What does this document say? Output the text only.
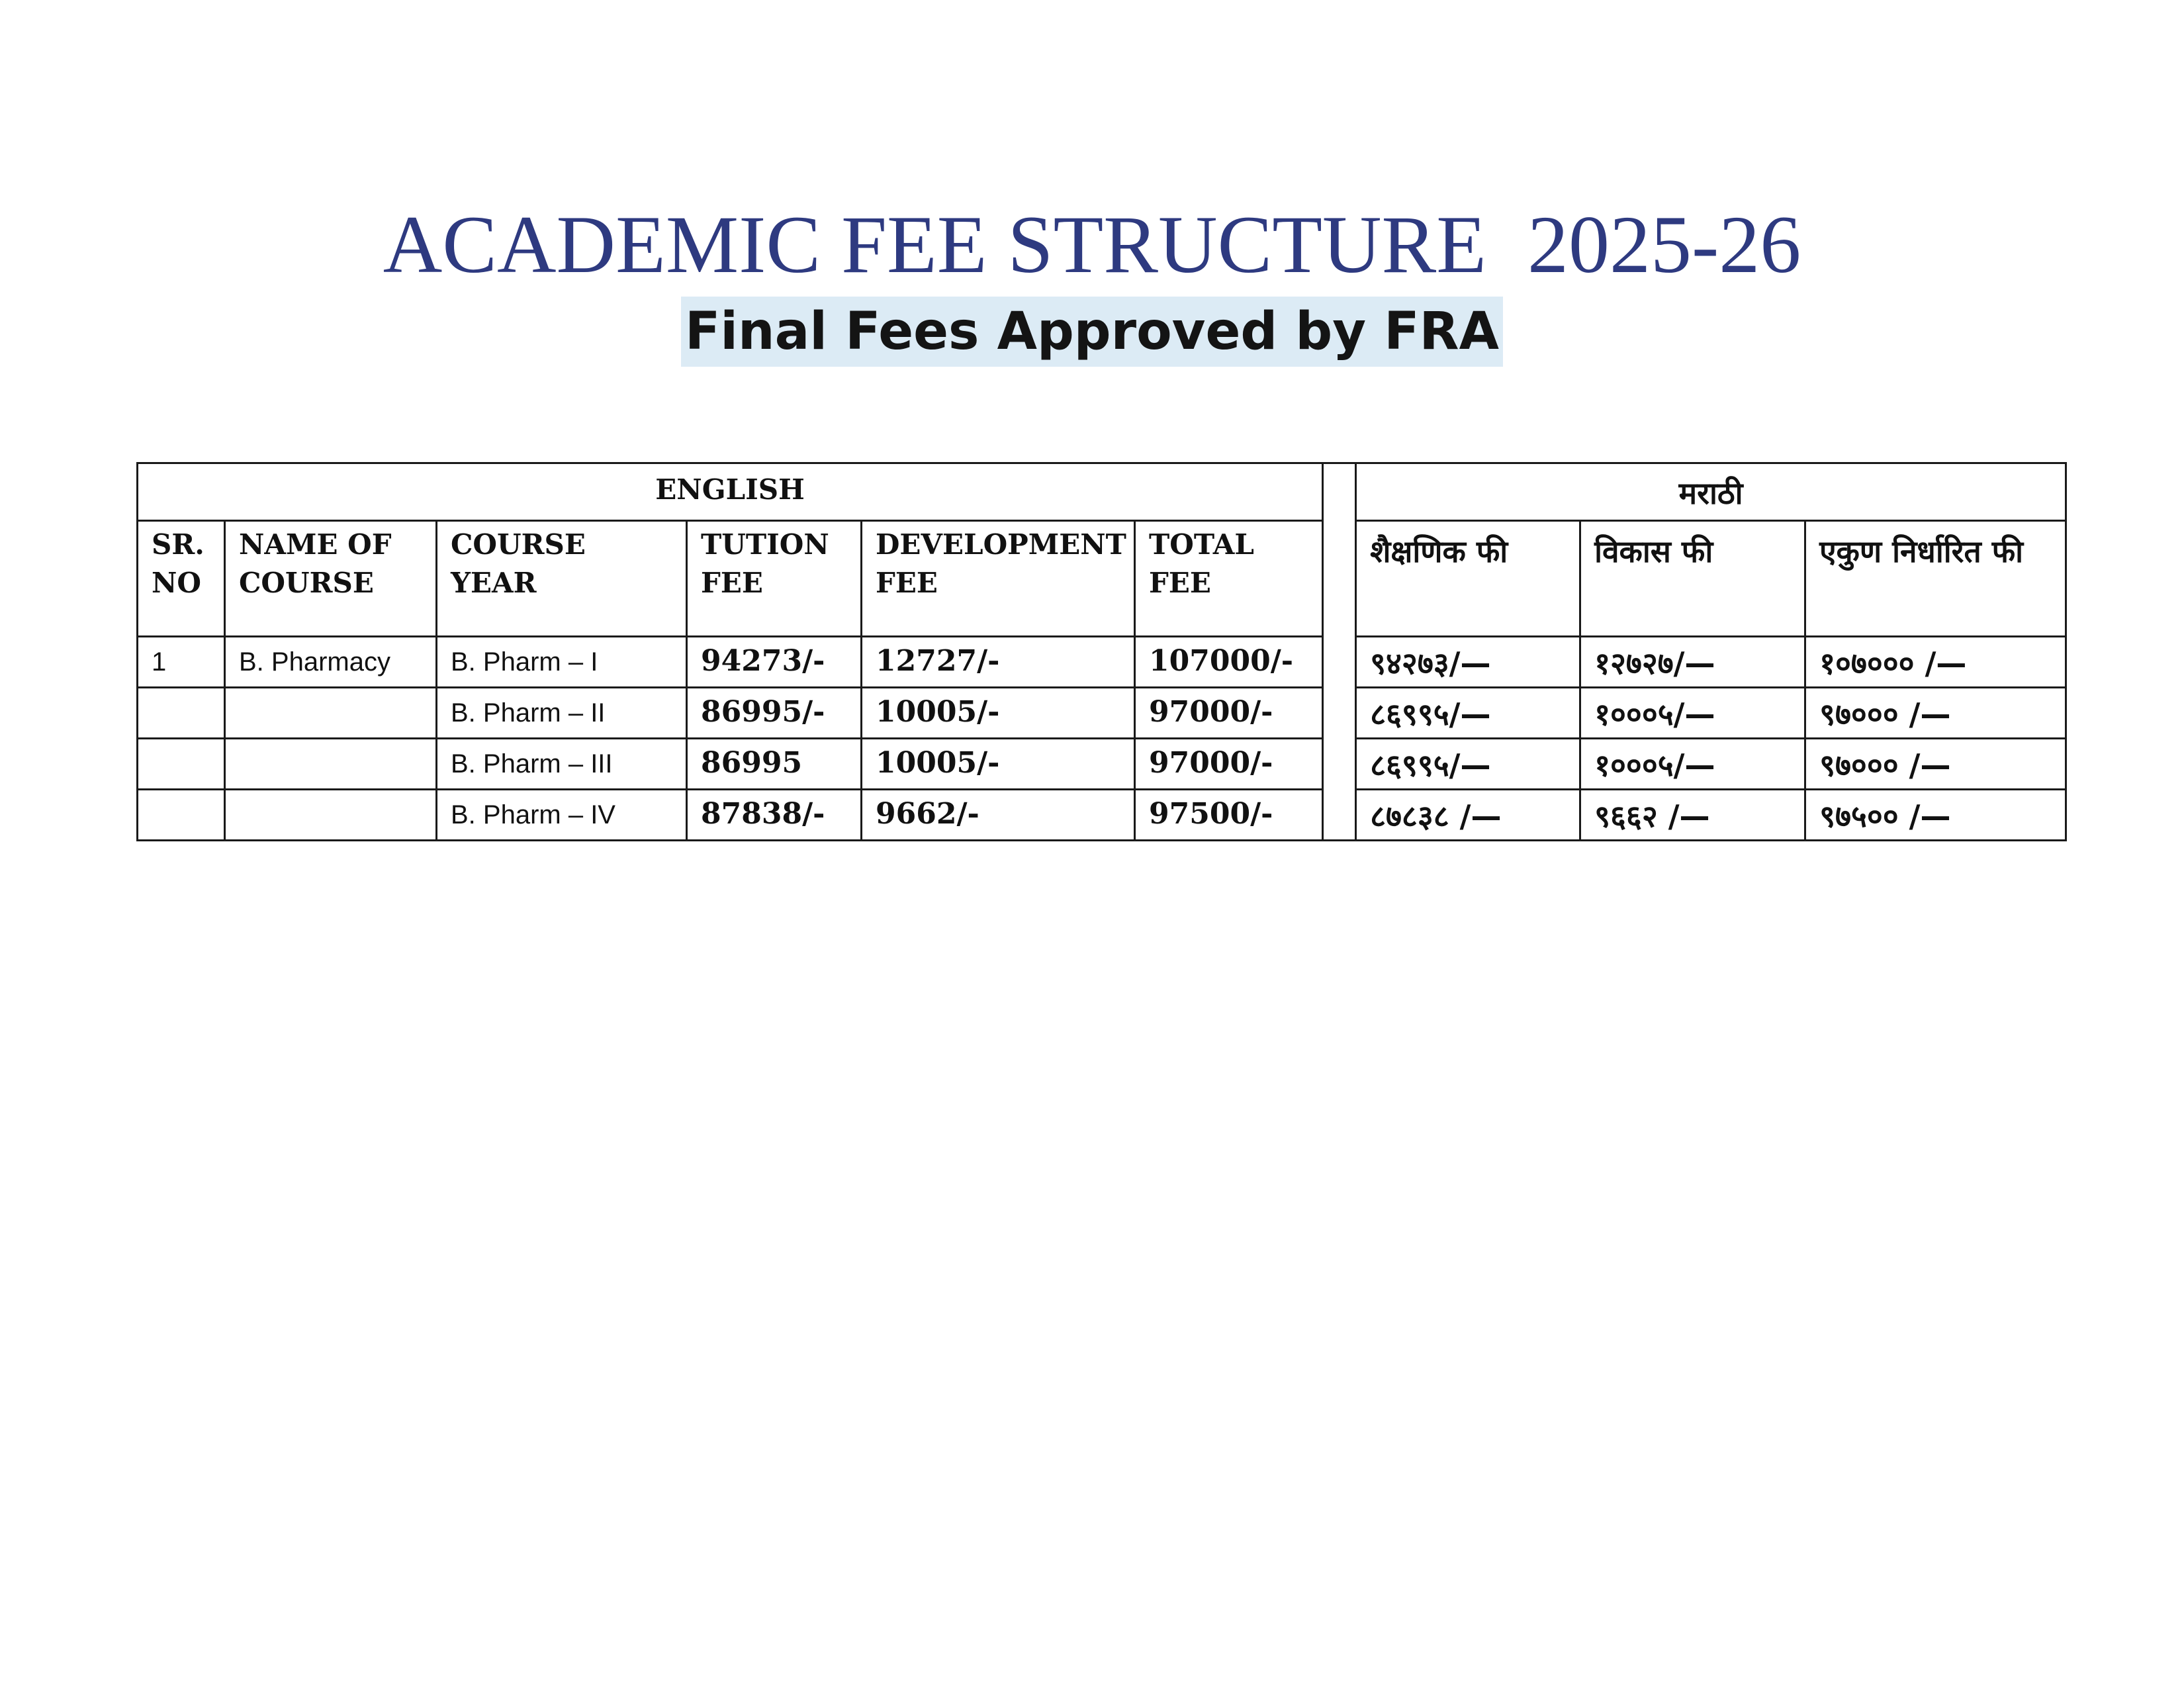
ACADEMIC FEE STRUCTURE  2025-26
Final Fees Approved by FRA
ENGLISH							मराठी		
SR. NO	NAME OF COURSE	COURSE YEAR	TUTION FEE	DEVELOPMENT FEE	TOTAL FEE		शैक्षणिक फी	विकास फी	एकुण निर्धारित फी
1	B. Pharmacy	B. Pharm – I	94273/-	12727/-	107000/-		९४२७३/—	१२७२७/—	१०७००० /—
		B. Pharm – II	86995/-	10005/-	97000/-		८६९९५/—	१०००५/—	९७००० /—
		B. Pharm – III	86995	10005/-	97000/-		८६९९५/—	१०००५/—	९७००० /—
		B. Pharm – IV	87838/-	9662/-	97500/-		८७८३८ /—	९६६२ /—	९७५०० /—
